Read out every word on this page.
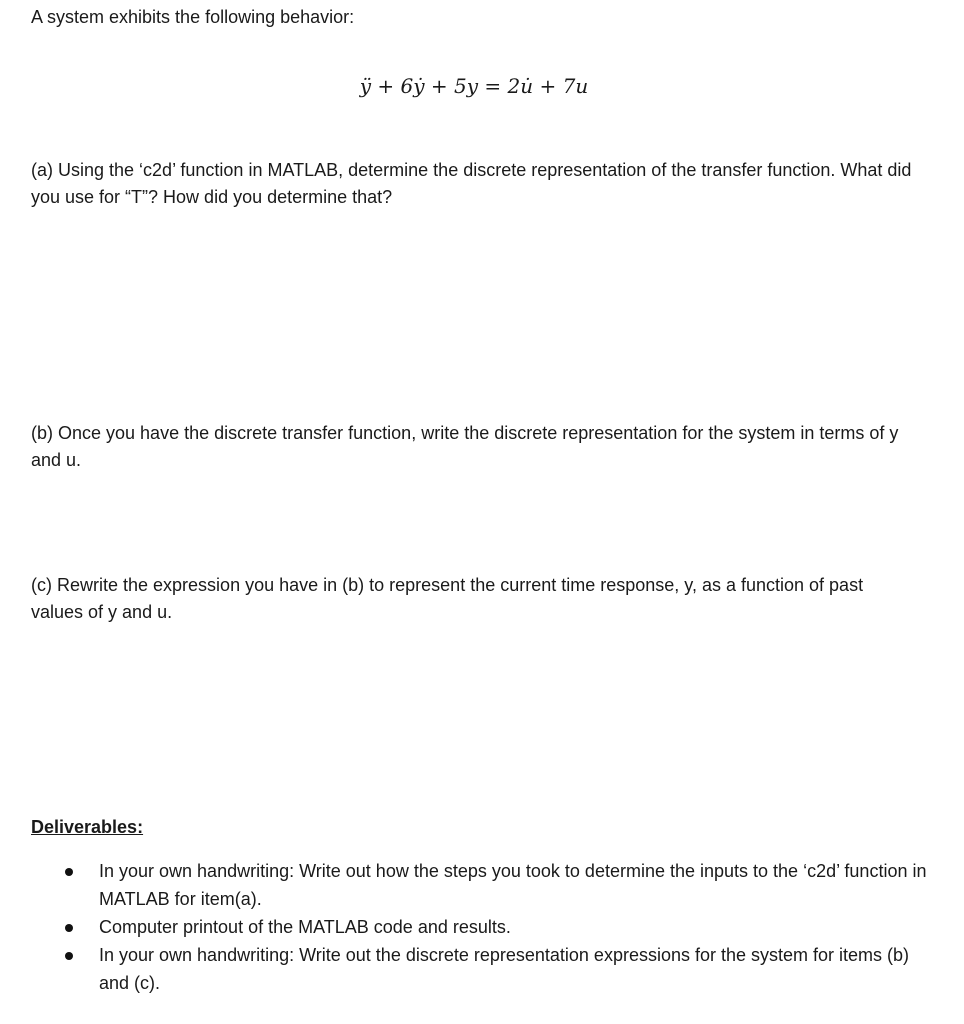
A system exhibits the following behavior:

ÿ + 6ẏ + 5y = 2u̇ + 7u

(a) Using the ‘c2d’ function in MATLAB, determine the discrete representation of the transfer function. What did you use for “T”? How did you determine that?

(b) Once you have the discrete transfer function, write the discrete representation for the system in terms of y and u.

(c) Rewrite the expression you have in (b) to represent the current time response, y, as a function of past values of y and u.

Deliverables:

In your own handwriting: Write out how the steps you took to determine the inputs to the ‘c2d’ function in MATLAB for item(a).
Computer printout of the MATLAB code and results.
In your own handwriting: Write out the discrete representation expressions for the system for items (b) and (c).
